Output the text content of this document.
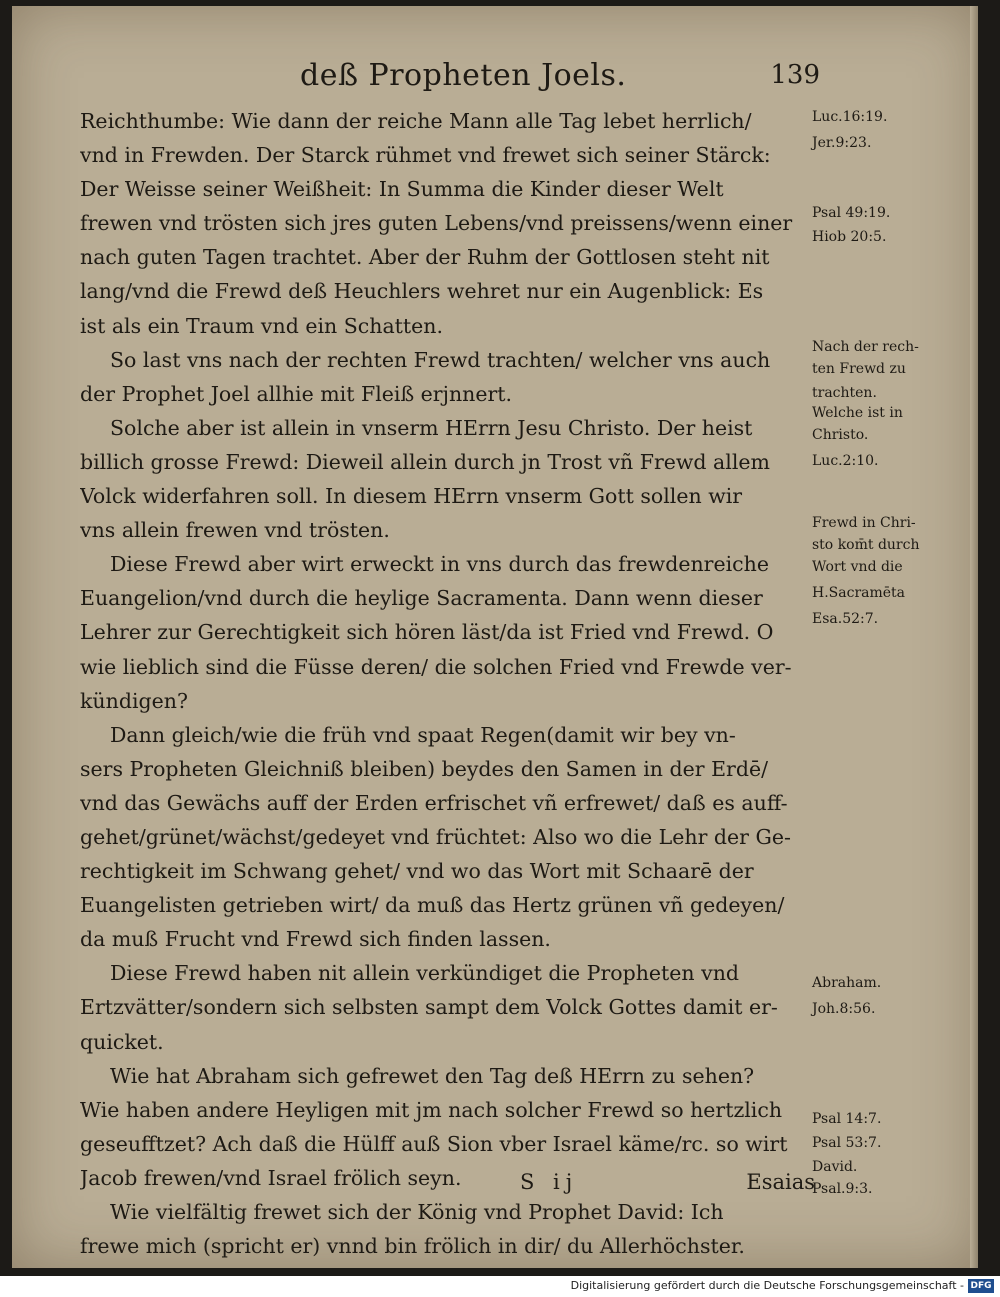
deß Propheten Joels.	139
Reichthumbe: Wie dann der reiche Mann alle Tag lebet herrlich/
vnd in Frewden. Der Starck rühmet vnd frewet sich seiner Stärck:
Der Weisse seiner Weißheit: In Summa die Kinder dieser Welt
frewen vnd trösten sich jres guten Lebens/vnd preissens/wenn einer
nach guten Tagen trachtet. Aber der Ruhm der Gottlosen steht nit
lang/vnd die Frewd deß Heuchlers wehret nur ein Augenblick: Es
ist als ein Traum vnd ein Schatten.
So last vns nach der rechten Frewd trachten/ welcher vns auch
der Prophet Joel allhie mit Fleiß erjnnert.
Solche aber ist allein in vnserm HErrn Jesu Christo. Der heist
billich grosse Frewd: Dieweil allein durch jn Trost vñ Frewd allem
Volck widerfahren soll. In diesem HErrn vnserm Gott sollen wir
vns allein frewen vnd trösten.
Diese Frewd aber wirt erweckt in vns durch das frewdenreiche
Euangelion/vnd durch die heylige Sacramenta. Dann wenn dieser
Lehrer zur Gerechtigkeit sich hören läst/da ist Fried vnd Frewd. O
wie lieblich sind die Füsse deren/ die solchen Fried vnd Frewde ver-
kündigen?
Dann gleich/wie die früh vnd spaat Regen(damit wir bey vn-
sers Propheten Gleichniß bleiben) beydes den Samen in der Erdē/
vnd das Gewächs auff der Erden erfrischet vñ erfrewet/ daß es auff-
gehet/grünet/wächst/gedeyet vnd früchtet: Also wo die Lehr der Ge-
rechtigkeit im Schwang gehet/ vnd wo das Wort mit Schaarē der
Euangelisten getrieben wirt/ da muß das Hertz grünen vñ gedeyen/
da muß Frucht vnd Frewd sich finden lassen.
Diese Frewd haben nit allein verkündiget die Propheten vnd
Ertzvätter/sondern sich selbsten sampt dem Volck Gottes damit er-
quicket.
Wie hat Abraham sich gefrewet den Tag deß HErrn zu sehen?
Wie haben andere Heyligen mit jm nach solcher Frewd so hertzlich
geseufftzet? Ach daß die Hülff auß Sion vber Israel käme/rc. so wirt
Jacob frewen/vnd Israel frölich seyn.
Wie vielfältig frewet sich der König vnd Prophet David: Ich
frewe mich (spricht er) vnnd bin frölich in dir/ du Allerhöchster.
Luc.16:19.
Jer.9:23.
Psal 49:19.
Hiob 20:5.
Nach der rech-
ten Frewd zu
trachten.
Welche ist in
Christo.
Luc.2:10.
Frewd in Chri-
sto kom̄t durch
Wort vnd die
H.Sacramēta
Esa.52:7.
Abraham.
Joh.8:56.
Psal 14:7.
Psal 53:7.
David.
Psal.9:3.
S ij	Esaias
Digitalisierung gefördert durch die Deutsche Forschungsgemeinschaft - DFG
